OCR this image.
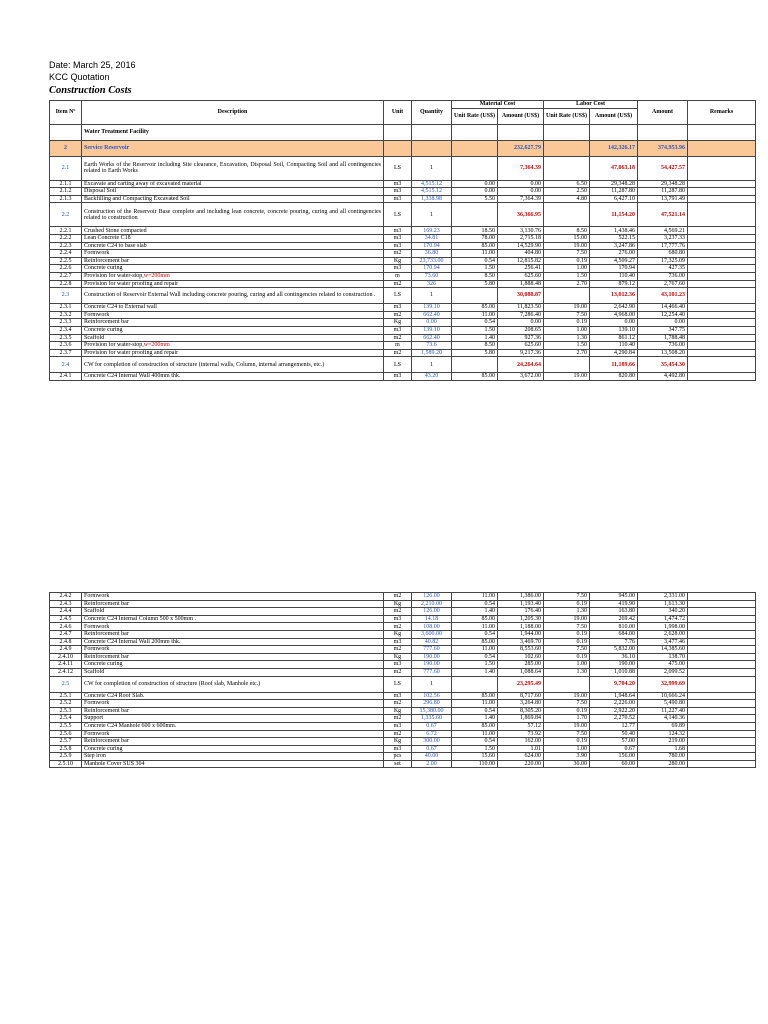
Date: March 25, 2016
KCC Quotation
Construction Costs
Item Nº	Description	Unit	Quantity	Material Cost		Labor Cost		Amount	Remarks
				Unit Rate (US$)	Amount (US$)	Unit Rate (US$)	Amount (US$)		
	Water Treatment Facility								
2	Service Reservoir				232,627.79		142,326.17	374,953.96	
2.1	Earth Works of the Reservoir including Site clearance, Excavation, Disposal Soil, Compacting Soil and all contingencies related to Earth Works	LS	1		7,364.39		47,063.18	54,427.57	
2.1.1	Excavate and carting away of excavated material	m3	4,515.12	0.00	0.00	6.50	29,348.28	29,348.28	
2.1.2	Disposal Soil	m3	4,515.12	0.00	0.00	2.50	11,287.80	11,287.80	
2.1.3	Backfilling and Compacting Excavated Soil	m3	1,338.98	5.50	7,364.39	4.80	6,427.10	13,791.49	
2.2	Construction of the Reservoir Base complete and including lean concrete, concrete pouring, curing and all contingencies related to construction	LS	1		36,366.95		11,154.20	47,521.14	
2.2.1	Crushed Stone compacted	m3	169.23	18.50	3,130.76	8.50	1,438.46	4,569.21	
2.2.2	Lean Concrete C18	m3	34.81	78.00	2,715.18	15.00	522.15	3,237.33	
2.2.3	Concrete C24 to base slab	m3	170.94	85.00	14,529.90	19.00	3,247.86	17,777.76	
2.2.4	Formwork	m2	36.80	11.00	404.80	7.50	276.00	680.80	
2.2.5	Reinforcement bar	Kg	23,733.00	0.54	12,815.82	0.19	4,509.27	17,325.09	
2.2.6	Concrete curing	m3	170.94	1.50	256.41	1.00	170.94	427.35	
2.2.7	Provision for water-stop,w=200mm	m	73.60	8.50	625.60	1.50	110.40	736.00	
2.2.8	Provision for water proofing and repair	m2	326	5.80	1,888.48	2.70	879.12	2,767.60	
2.3	Construction of Reservoir External Wall including concrete pouring, curing and all contingencies related to construction .	LS	1		30,088.87		13,012.36	43,101.23	
2.3.1	Concrete C24 to External wall	m3	139.10	85.00	11,823.50	19.00	2,642.90	14,466.40	
2.3.2	Formwork	m2	662.40	11.00	7,286.40	7.50	4,968.00	12,254.40	
2.3.3	Reinforcement bar	Kg	0.00	0.54	0.00	0.19	0.00	0.00	
2.3.4	Concrete curing	m3	139.10	1.50	208.65	1.00	139.10	347.75	
2.3.5	Scaffold	m2	662.40	1.40	927.36	1.30	861.12	1,788.48	
2.3.6	Provision for water-stop,w=200mm	m	73.6	8.50	625.60	1.50	110.40	736.00	
2.3.7	Provision for water proofing and repair	m2	1,589.20	5.80	9,217.36	2.70	4,290.84	13,508.20	
2.4	CW for completion of construction of structure (internal walls, Column, internal arrangements, etc.)	LS	1		24,264.64		11,189.66	35,454.30	
2.4.1	Concrete C24 Internal Wall 400mm thk.	m3	43.20	85.00	3,672.00	19.00	820.80	4,492.80	
2.4.2	Formwork	m2	126.00	11.00	1,386.00	7.50	945.00	2,331.00	
2.4.3	Reinforcement bar	Kg	2,210.00	0.54	1,193.40	0.19	419.90	1,613.30	
2.4.4	Scaffold	m2	126.00	1.40	176.40	1.30	163.80	340.20	
2.4.5	Concrete C24 Internal Column 500 x 500mm .	m3	14.18	85.00	1,205.30	19.00	269.42	1,474.72	
2.4.6	Formwork	m2	108.00	11.00	1,188.00	7.50	810.00	1,998.00	
2.4.7	Reinforcement bar	Kg	3,600.00	0.54	1,944.00	0.19	684.00	2,628.00	
2.4.8	Concrete C24 Internal Wall 200mm thk.	m3	40.82	85.00	3,469.70	0.19	7.76	3,477.46	
2.4.9	Formwork	m2	777.60	11.00	8,553.60	7.50	5,832.00	14,385.60	
2.4.10	Reinforcement bar	Kg	190.00	0.54	102.60	0.19	36.10	138.70	
2.4.11	Concrete curing	m3	190.00	1.50	285.00	1.00	190.00	475.00	
2.4.12	Scaffold	m2	777.60	1.40	1,088.64	1.30	1,010.88	2,099.52	
2.5	CW for completion of construction of structure (Roof slab, Manhole etc.)	LS	1		23,295.49		9,704.20	32,999.69	
2.5.1	Concrete C24 Roof Slab.	m3	102.56	85.00	8,717.60	19.00	1,948.64	10,666.24	
2.5.2	Formwork	m2	296.80	11.00	3,264.80	7.50	2,226.00	5,490.80	
2.5.3	Reinforcement bar	Kg	15,380.00	0.54	8,305.20	0.19	2,922.20	11,227.40	
2.5.4	Support	m2	1,335.60	1.40	1,869.84	1.70	2,270.52	4,140.36	
2.5.5	Concrete C24 Manhole 600 x 600mm.	m3	0.67	85.00	57.12	19.00	12.77	69.89	
2.5.6	Formwork	m2	6.72	11.00	73.92	7.50	50.40	124.32	
2.5.7	Reinforcement bar	Kg	300.00	0.54	162.00	0.19	57.00	219.00	
2.5.8	Concrete curing	m3	0.67	1.50	1.01	1.00	0.67	1.68	
2.5.9	Step iron	pcs	40.00	15.60	624.00	3.90	156.00	780.00	
2.5.10	Manhole Cover SUS 304	set	2.00	110.00	220.00	30.00	60.00	280.00	
